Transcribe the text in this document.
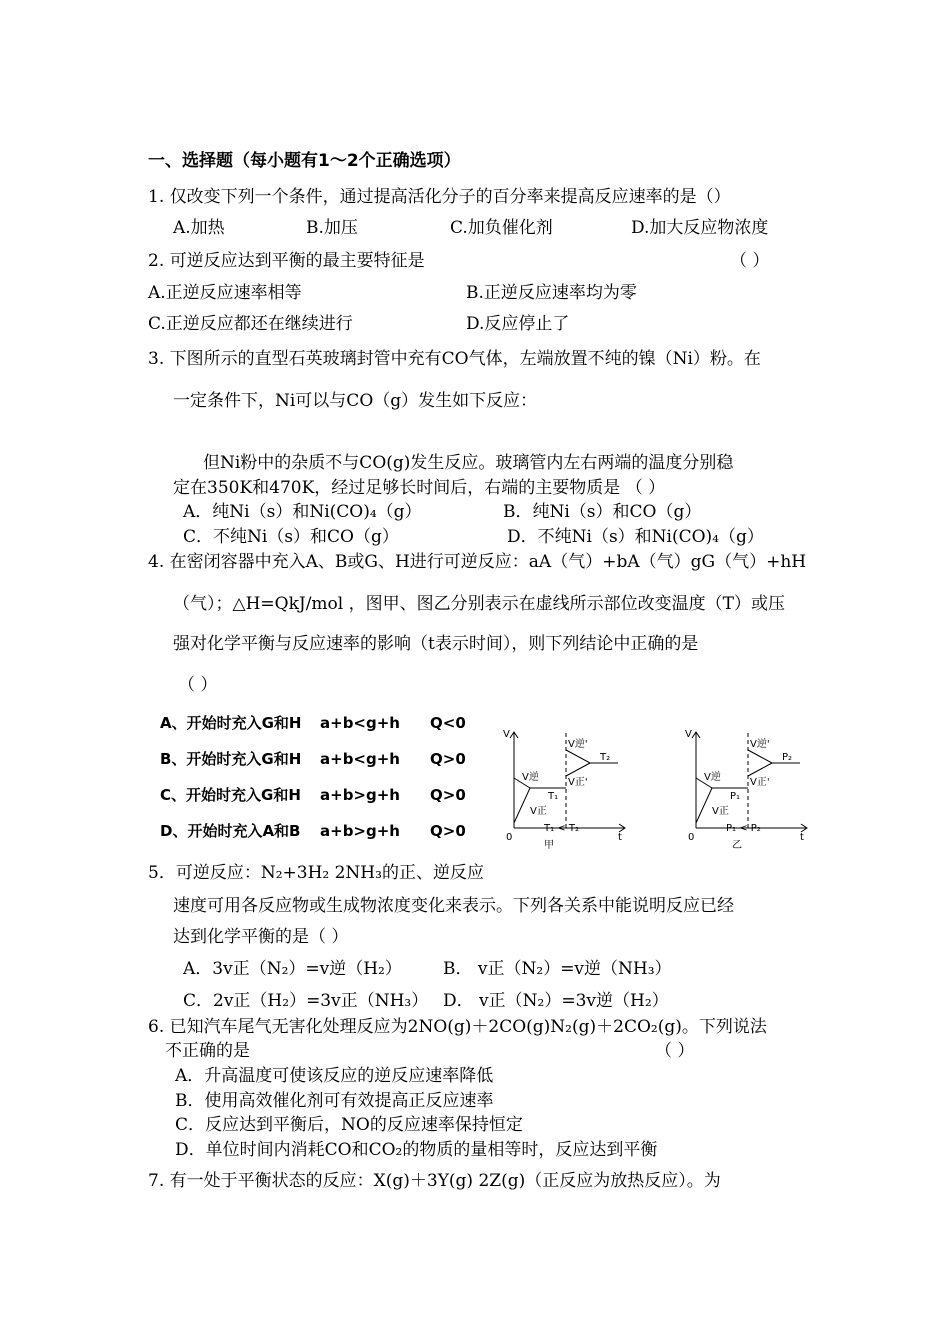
一、选择题（每小题有1～2个正确选项）
1. 仅改变下列一个条件，通过提高活化分子的百分率来提高反应速率的是（）
A.加热	B.加压	C.加负催化剂	D.加大反应物浓度
2. 可逆反应达到平衡的最主要特征是	（ ）
A.正逆反应速率相等	B.正逆反应速率均为零
C.正逆反应都还在继续进行	D.反应停止了
3. 下图所示的直型石英玻璃封管中充有CO气体，左端放置不纯的镍（Ni）粉。在
一定条件下，Ni可以与CO（g）发生如下反应：
但Ni粉中的杂质不与CO(g)发生反应。玻璃管内左右两端的温度分别稳
定在350K和470K，经过足够长时间后，右端的主要物质是 （ ）
A．纯Ni（s）和Ni(CO)₄（g）	B．纯Ni（s）和CO（g）
C．不纯Ni（s）和CO（g）	D．不纯Ni（s）和Ni(CO)₄（g）
4. 在密闭容器中充入A、B或G、H进行可逆反应：aA（气）+bA（气）gG（气）+hH
（气）；△H=QkJ/mol ，图甲、图乙分别表示在虚线所示部位改变温度（T）或压
强对化学平衡与反应速率的影响（t表示时间），则下列结论中正确的是
（ ）
A、开始时充入G和H a+b<g+h Q<0
B、开始时充入G和H a+b<g+h Q>0
C、开始时充入G和H a+b>g+h Q>0
D、开始时充入A和B a+b>g+h Q>0
V
0	t
V逆
V正
T₁
V逆'
T₂
V正'
T₁ < T₂
甲
V
0	t
V逆
V正
P₁
V逆'
P₂
V正'
P₁ < P₂
乙
5．可逆反应：N₂+3H₂ 2NH₃的正、逆反应
速度可用各反应物或生成物浓度变化来表示。下列各关系中能说明反应已经
达到化学平衡的是（ ）
A．3v正（N₂）=v逆（H₂） B． v正（N₂）=v逆（NH₃）
C．2v正（H₂）=3v正（NH₃） D． v正（N₂）=3v逆（H₂）
6. 已知汽车尾气无害化处理反应为2NO(g)＋2CO(g)N₂(g)＋2CO₂(g)。下列说法
不正确的是	（ ）
A．升高温度可使该反应的逆反应速率降低
B．使用高效催化剂可有效提高正反应速率
C．反应达到平衡后，NO的反应速率保持恒定
D．单位时间内消耗CO和CO₂的物质的量相等时，反应达到平衡
7. 有一处于平衡状态的反应：X(g)＋3Y(g) 2Z(g)（正反应为放热反应）。为
